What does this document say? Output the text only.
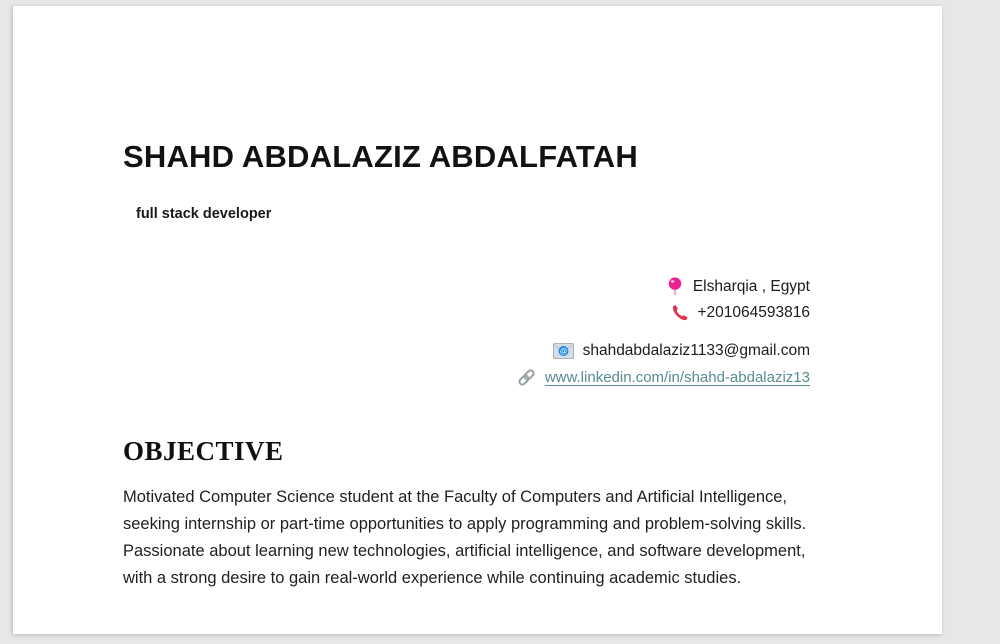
SHAHD ABDALAZIZ ABDALFATAH
full stack developer
Elsharqia , Egypt
+201064593816
@ shahdabdalaziz1133@gmail.com
www.linkedin.com/in/shahd-abdalaziz13
OBJECTIVE
Motivated Computer Science student at the Faculty of Computers and Artificial Intelligence, seeking internship or part-time opportunities to apply programming and problem-solving skills. Passionate about learning new technologies, artificial intelligence, and software development, with a strong desire to gain real-world experience while continuing academic studies.
